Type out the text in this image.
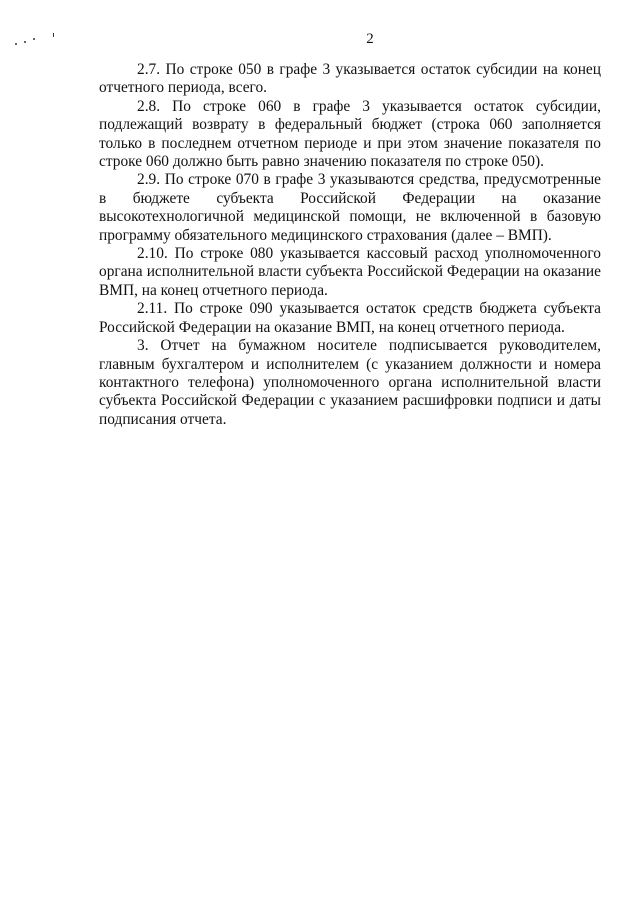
2

2.7. По строке 050 в графе 3 указывается остаток субсидии на конец отчетного периода, всего.

2.8. По строке 060 в графе 3 указывается остаток субсидии, подлежащий возврату в федеральный бюджет (строка 060 заполняется только в последнем отчетном периоде и при этом значение показателя по строке 060 должно быть равно значению показателя по строке 050).

2.9. По строке 070 в графе 3 указываются средства, предусмотренные в бюджете субъекта Российской Федерации на оказание высокотехнологичной медицинской помощи, не включенной в базовую программу обязательного медицинского страхования (далее – ВМП).

2.10. По строке 080 указывается кассовый расход уполномоченного органа исполнительной власти субъекта Российской Федерации на оказание ВМП, на конец отчетного периода.

2.11. По строке 090 указывается остаток средств бюджета субъекта Российской Федерации на оказание ВМП, на конец отчетного периода.

3. Отчет на бумажном носителе подписывается руководителем, главным бухгалтером и исполнителем (с указанием должности и номера контактного телефона) уполномоченного органа исполнительной власти субъекта Российской Федерации с указанием расшифровки подписи и даты подписания отчета.
